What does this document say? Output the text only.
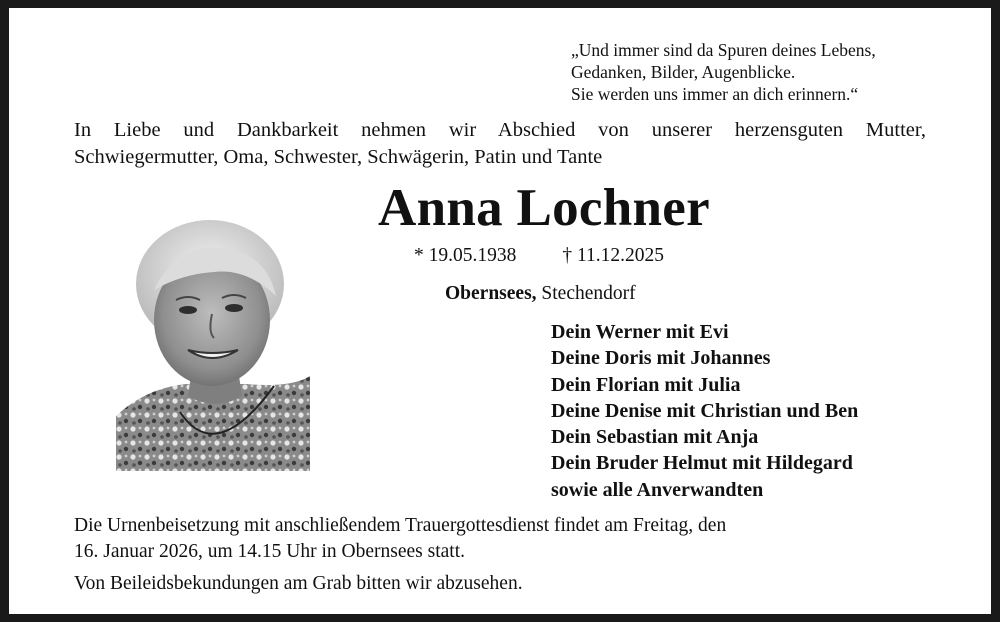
„Und immer sind da Spuren deines Lebens,
Gedanken, Bilder, Augenblicke.
Sie werden uns immer an dich erinnern.“
In Liebe und Dankbarkeit nehmen wir Abschied von unserer herzensguten Mutter,
Schwiegermutter, Oma, Schwester, Schwägerin, Patin und Tante
Anna Lochner
* 19.05.1938 † 11.12.2025
Obernsees, Stechendorf
Dein Werner mit Evi
Deine Doris mit Johannes
Dein Florian mit Julia
Deine Denise mit Christian und Ben
Dein Sebastian mit Anja
Dein Bruder Helmut mit Hildegard
sowie alle Anverwandten
Die Urnenbeisetzung mit anschließendem Trauergottesdienst findet am Freitag, den
16. Januar 2026, um 14.15 Uhr in Obernsees statt.
Von Beileidsbekundungen am Grab bitten wir abzusehen.
